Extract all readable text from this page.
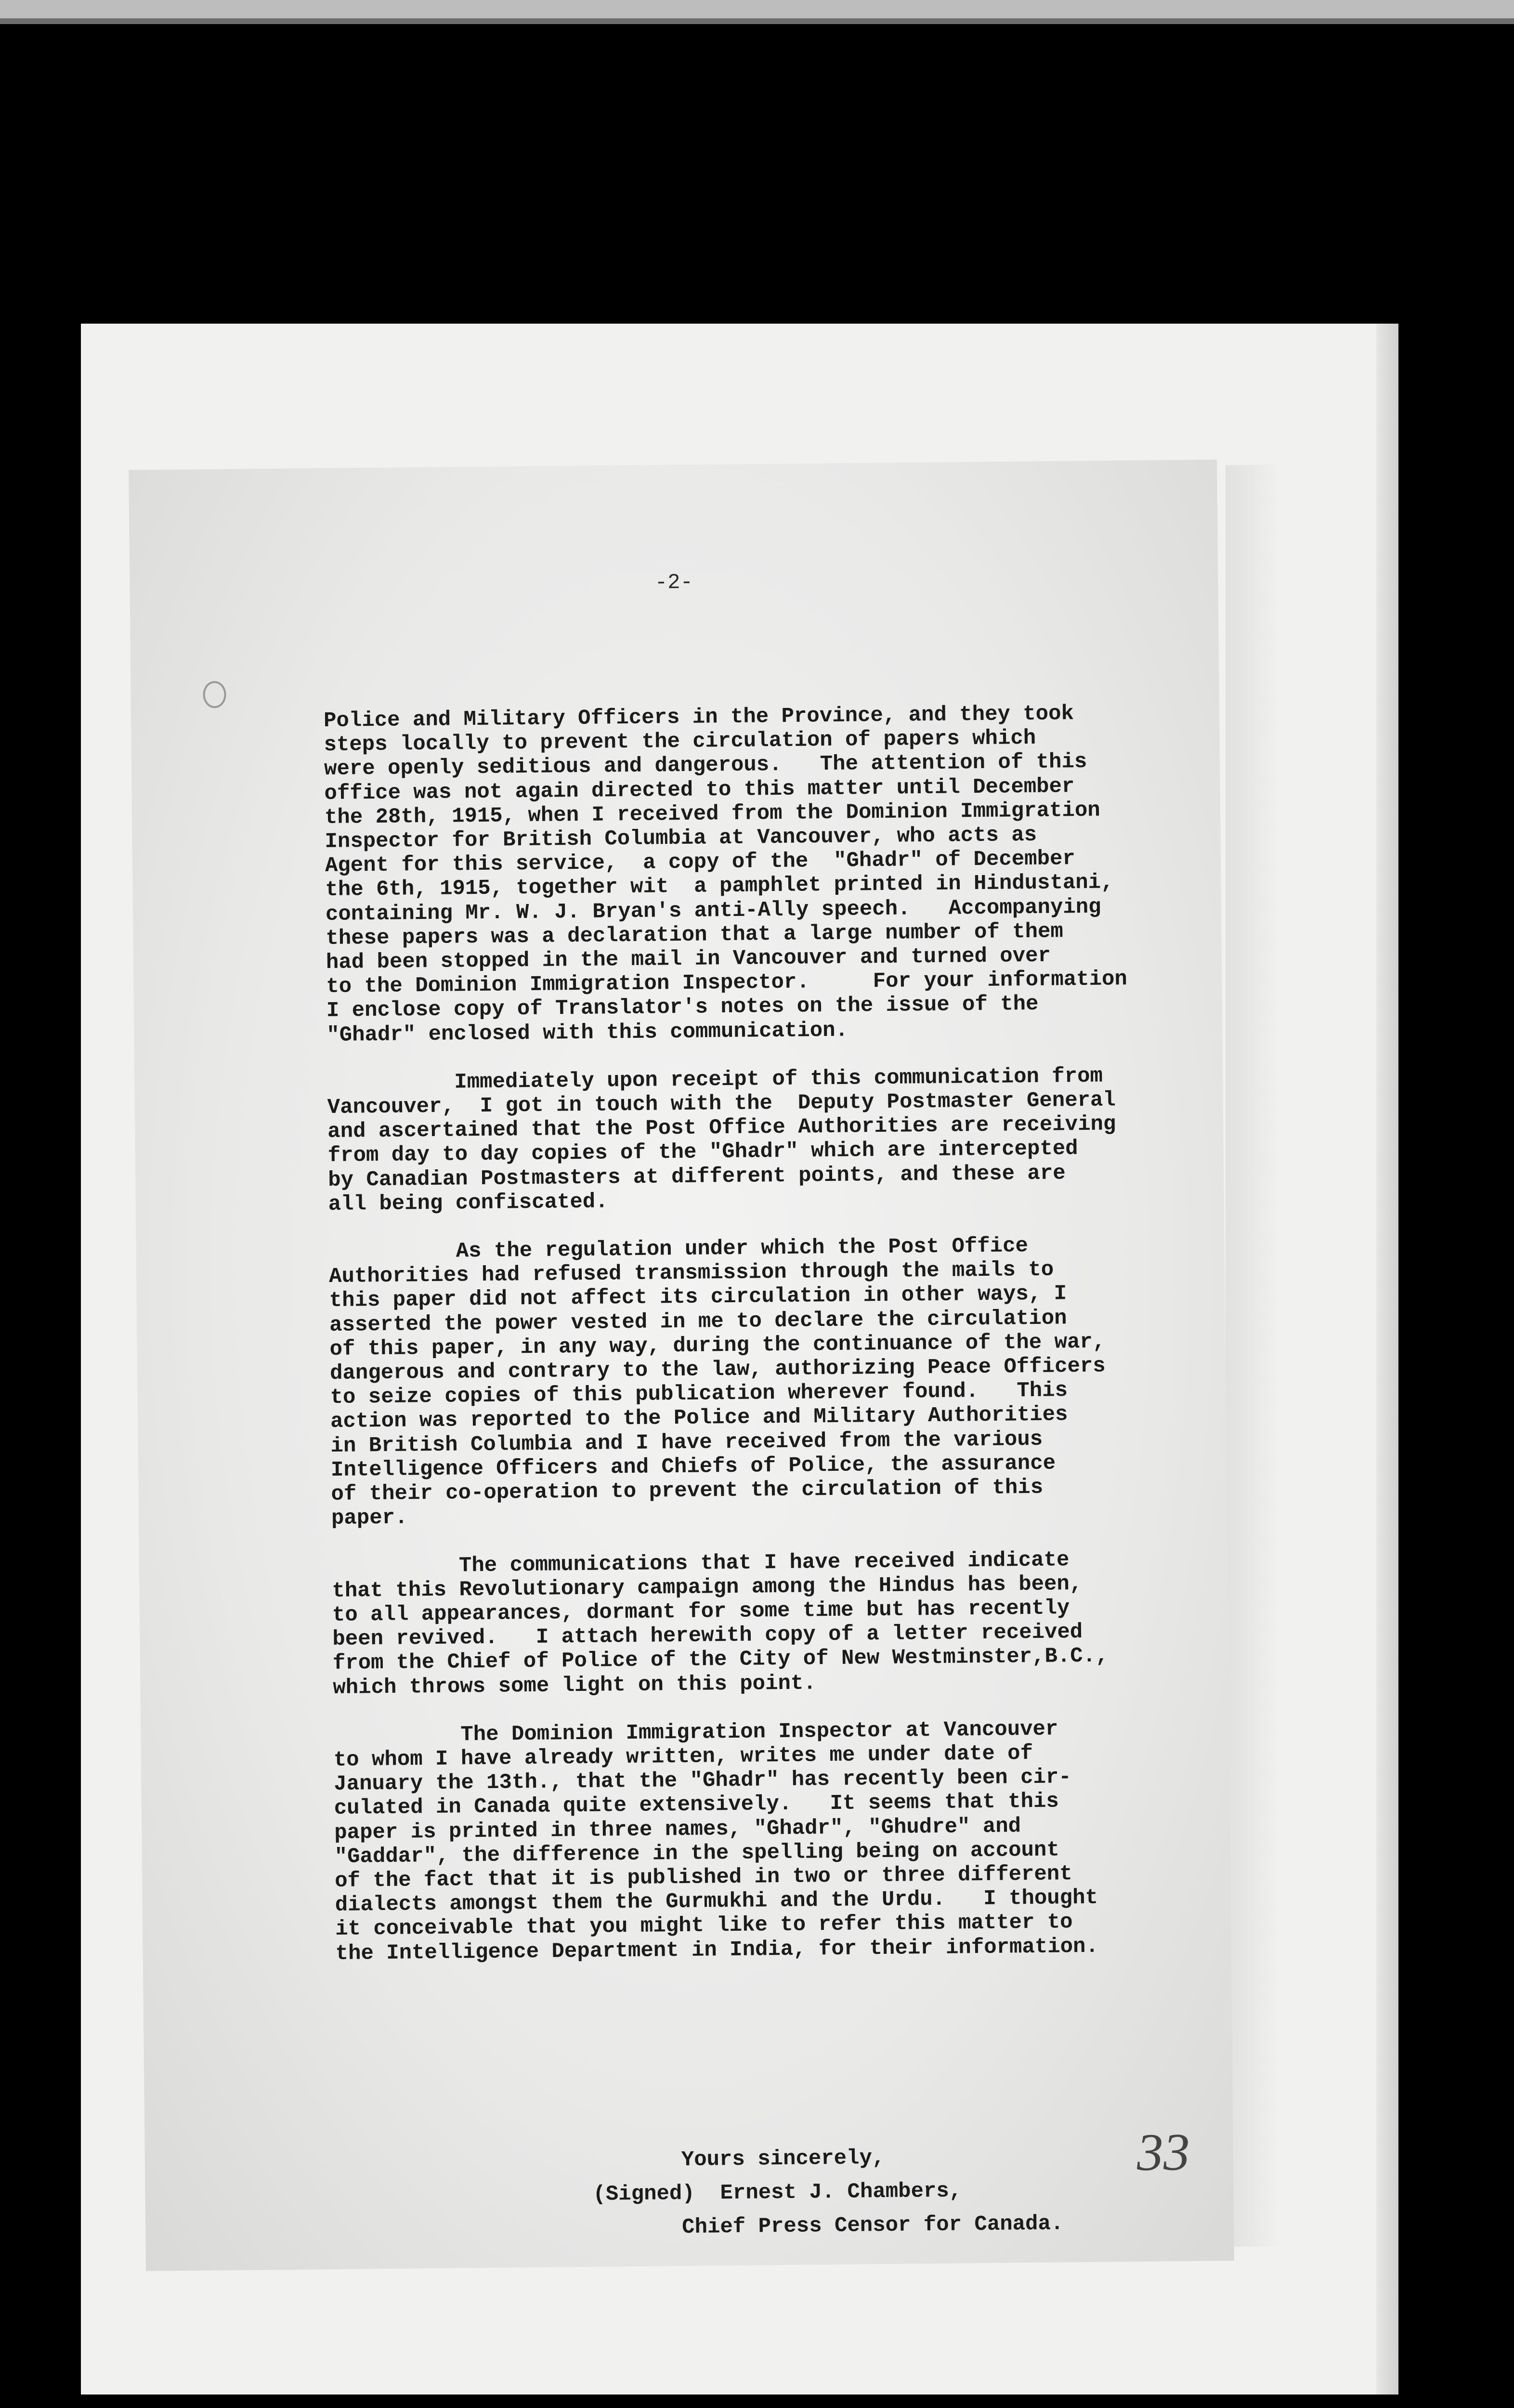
-2-

Police and Military Officers in the Province, and they took
steps locally to prevent the circulation of papers which
were openly seditious and dangerous.   The attention of this
office was not again directed to this matter until December
the 28th, 1915, when I received from the Dominion Immigration
Inspector for British Columbia at Vancouver, who acts as
Agent for this service,  a copy of the  "Ghadr" of December
the 6th, 1915, together wit  a pamphlet printed in Hindustani,
containing Mr. W. J. Bryan's anti-Ally speech.   Accompanying
these papers was a declaration that a large number of them
had been stopped in the mail in Vancouver and turned over
to the Dominion Immigration Inspector.     For your information
I enclose copy of Translator's notes on the issue of the
"Ghadr" enclosed with this communication.

Immediately upon receipt of this communication from
Vancouver,  I got in touch with the  Deputy Postmaster General
and ascertained that the Post Office Authorities are receiving
from day to day copies of the "Ghadr" which are intercepted
by Canadian Postmasters at different points, and these are
all being confiscated.

As the regulation under which the Post Office
Authorities had refused transmission through the mails to
this paper did not affect its circulation in other ways, I
asserted the power vested in me to declare the circulation
of this paper, in any way, during the continuance of the war,
dangerous and contrary to the law, authorizing Peace Officers
to seize copies of this publication wherever found.   This
action was reported to the Police and Military Authorities
in British Columbia and I have received from the various
Intelligence Officers and Chiefs of Police, the assurance
of their co-operation to prevent the circulation of this
paper.

The communications that I have received indicate
that this Revolutionary campaign among the Hindus has been,
to all appearances, dormant for some time but has recently
been revived.   I attach herewith copy of a letter received
from the Chief of Police of the City of New Westminster,B.C.,
which throws some light on this point.

The Dominion Immigration Inspector at Vancouver
to whom I have already written, writes me under date of
January the 13th., that the "Ghadr" has recently been cir-
culated in Canada quite extensively.   It seems that this
paper is printed in three names, "Ghadr", "Ghudre" and
"Gaddar", the difference in the spelling being on account
of the fact that it is published in two or three different
dialects amongst them the Gurmukhi and the Urdu.   I thought
it conceivable that you might like to refer this matter to
the Intelligence Department in India, for their information.

Yours sincerely,
(Signed)  Ernest J. Chambers,
Chief Press Censor for Canada.
33
